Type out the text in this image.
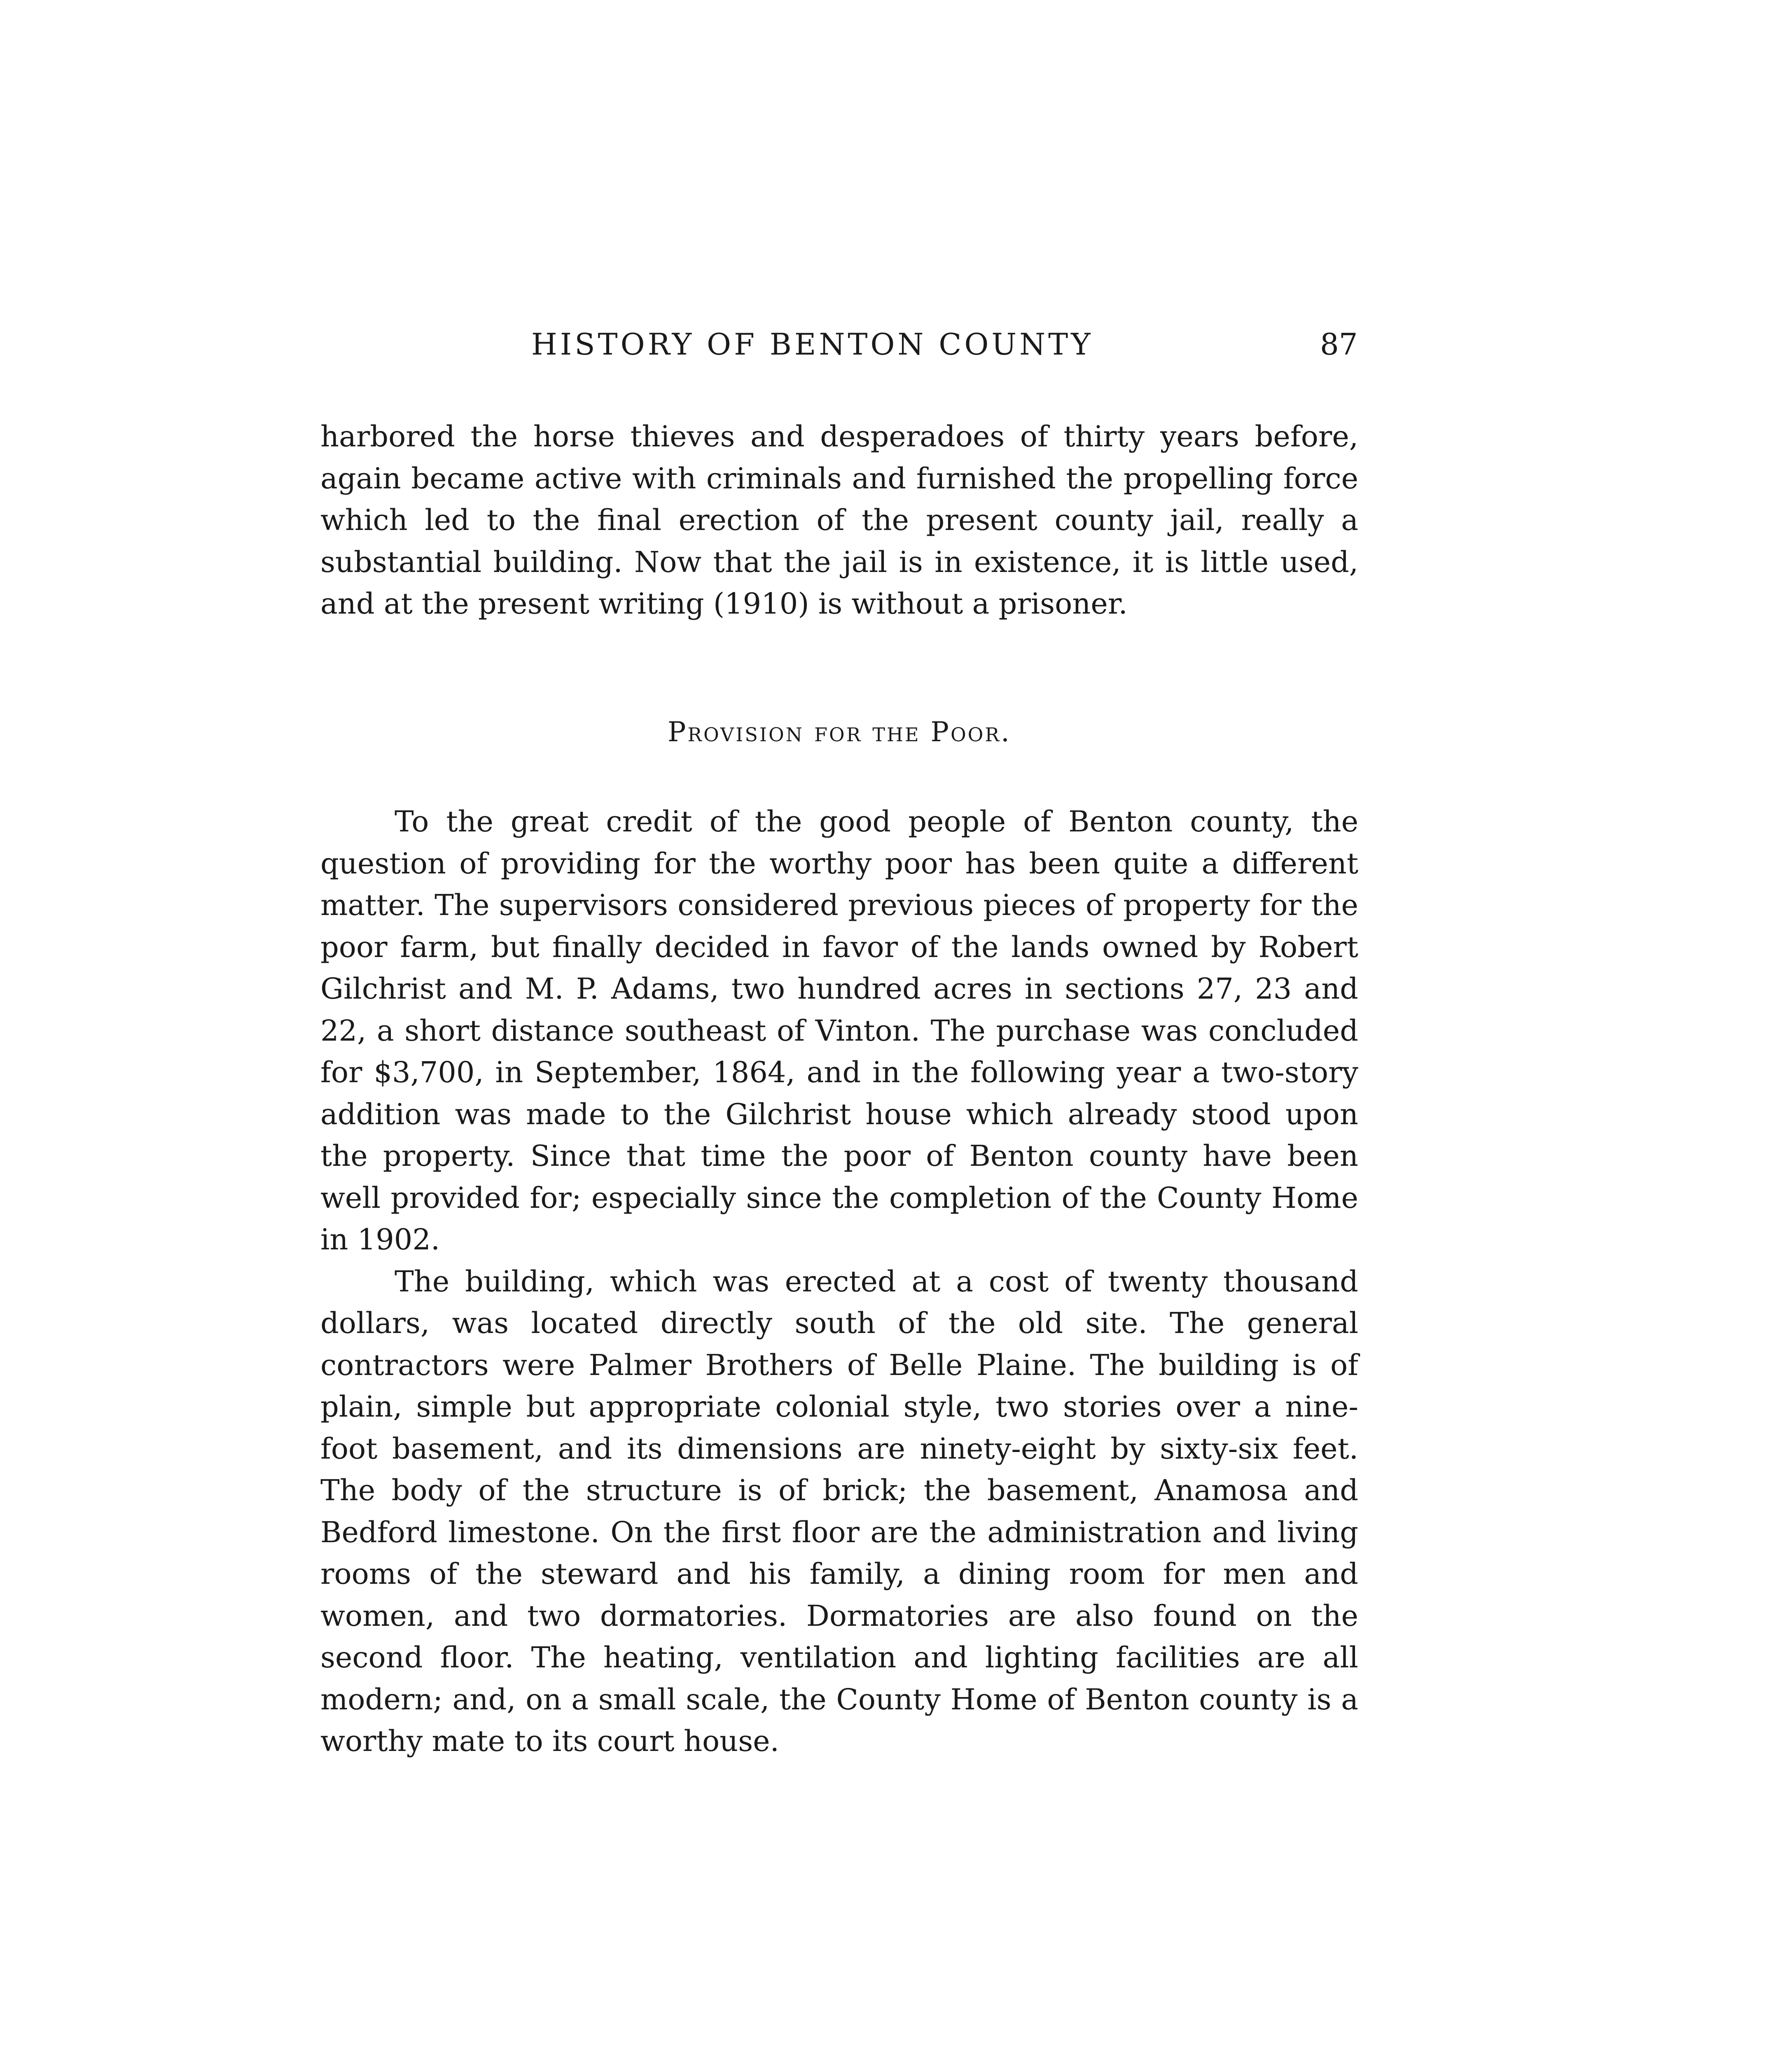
HISTORY OF BENTON COUNTY	87

harbored the horse thieves and desperadoes of thirty years before, again became active with criminals and furnished the propelling force which led to the final erection of the present county jail, really a substantial building. Now that the jail is in existence, it is little used, and at the present writing (1910) is without a prisoner.

Provision for the Poor.

To the great credit of the good people of Benton county, the question of providing for the worthy poor has been quite a different matter. The supervisors considered previous pieces of property for the poor farm, but finally decided in favor of the lands owned by Robert Gilchrist and M. P. Adams, two hundred acres in sections 27, 23 and 22, a short distance southeast of Vinton. The purchase was concluded for $3,700, in September, 1864, and in the following year a two-story addition was made to the Gilchrist house which already stood upon the property. Since that time the poor of Benton county have been well provided for; especially since the completion of the County Home in 1902.

The building, which was erected at a cost of twenty thousand dollars, was located directly south of the old site. The general contractors were Palmer Brothers of Belle Plaine. The building is of plain, simple but appropriate colonial style, two stories over a nine-foot basement, and its dimensions are ninety-eight by sixty-six feet. The body of the structure is of brick; the basement, Anamosa and Bedford limestone. On the first floor are the administration and living rooms of the steward and his family, a dining room for men and women, and two dormatories. Dormatories are also found on the second floor. The heating, ventilation and lighting facilities are all modern; and, on a small scale, the County Home of Benton county is a worthy mate to its court house.
